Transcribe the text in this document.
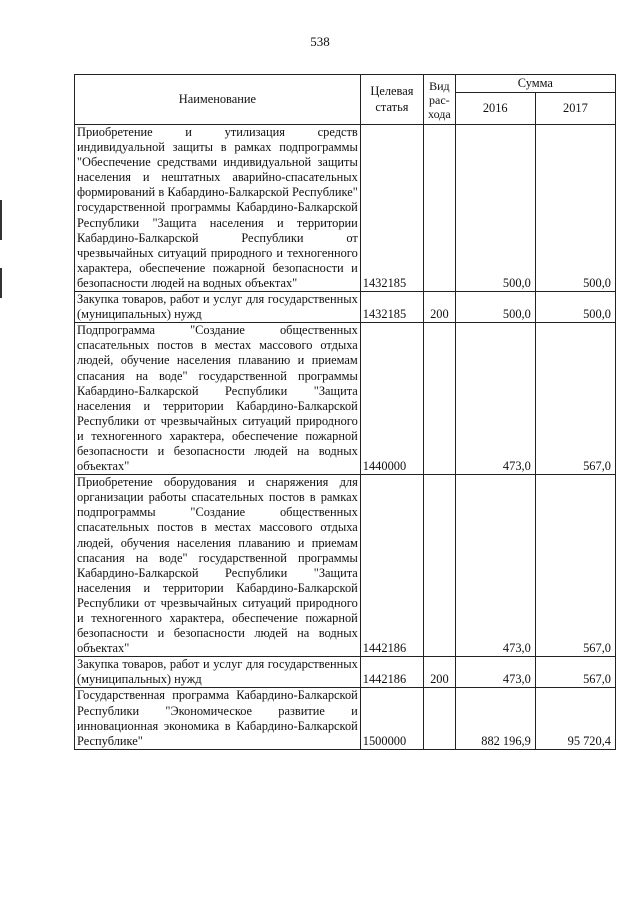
538
Наименование	Целевая статья	Вид рас- хода	Сумма	
			2016	2017

Приобретение и утилизация средств индивидуальной защиты в рамках подпрограммы "Обеспечение средствами индивидуальной защиты населения и нештатных аварийно-спасательных формирований в Кабардино-Балкарской Республике" государственной программы Кабардино-Балкарской Республики "Защита населения и территории Кабардино-Балкарской Республики от чрезвычайных ситуаций природного и техногенного характера, обеспечение пожарной безопасности и безопасности людей на водных объектах"	1432185		500,0	500,0

Закупка товаров, работ и услуг для государственных (муниципальных) нужд	1432185	200	500,0	500,0

Подпрограмма "Создание общественных спасательных постов в местах массового отдыха людей, обучение населения плаванию и приемам спасания на воде" государственной программы Кабардино-Балкарской Республики "Защита населения и территории Кабардино-Балкарской Республики от чрезвычайных ситуаций природного и техногенного характера, обеспечение пожарной безопасности и безопасности людей на водных объектах"	1440000		473,0	567,0

Приобретение оборудования и снаряжения для организации работы спасательных постов в рамках подпрограммы "Создание общественных спасательных постов в местах массового отдыха людей, обучения населения плаванию и приемам спасания на воде" государственной программы Кабардино-Балкарской Республики "Защита населения и территории Кабардино-Балкарской Республики от чрезвычайных ситуаций природного и техногенного характера, обеспечение пожарной безопасности и безопасности людей на водных объектах"	1442186		473,0	567,0

Закупка товаров, работ и услуг для государственных (муниципальных) нужд	1442186	200	473,0	567,0

Государственная программа Кабардино-Балкарской Республики "Экономическое развитие и инновационная экономика в Кабардино-Балкарской Республике"	1500000		882 196,9	95 720,4
